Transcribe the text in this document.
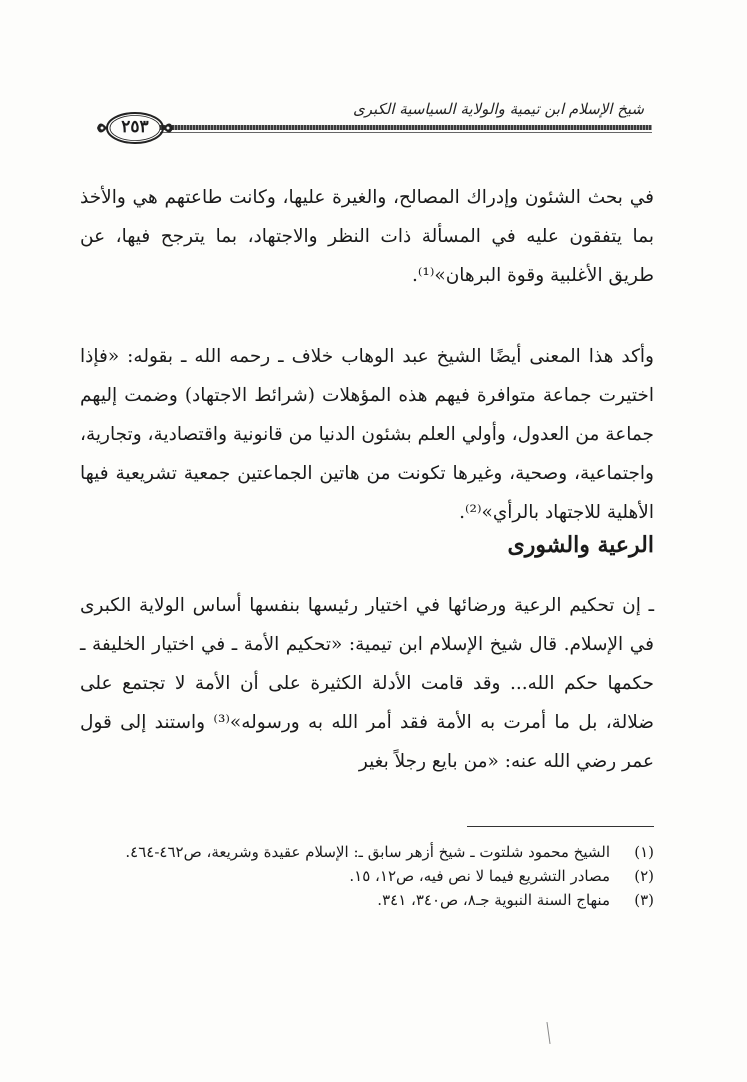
شيخ الإسلام ابن تيمية والولاية السياسية الكبرى
٢٥٣

في بحث الشئون وإدراك المصالح، والغيرة عليها، وكانت طاعتهم هي والأخذ بما يتفقون عليه في المسألة ذات النظر والاجتهاد، بما يترجح فيها، عن طريق الأغلبية وقوة البرهان»⁽¹⁾.

وأكد هذا المعنى أيضًا الشيخ عبد الوهاب خلاف ـ رحمه الله ـ بقوله: «فإذا اختيرت جماعة متوافرة فيهم هذه المؤهلات (شرائط الاجتهاد) وضمت إليهم جماعة من العدول، وأولي العلم بشئون الدنيا من قانونية واقتصادية، وتجارية، واجتماعية، وصحية، وغيرها تكونت من هاتين الجماعتين جمعية تشريعية فيها الأهلية للاجتهاد بالرأي»⁽²⁾.

الرعية والشورى

ـ إن تحكيم الرعية ورضائها في اختيار رئيسها بنفسها أساس الولاية الكبرى في الإسلام. قال شيخ الإسلام ابن تيمية: «تحكيم الأمة ـ في اختيار الخليفة ـ حكمها حكم الله... وقد قامت الأدلة الكثيرة على أن الأمة لا تجتمع على ضلالة، بل ما أمرت به الأمة فقد أمر الله به ورسوله»⁽³⁾ واستند إلى قول عمر رضي الله عنه: «من بايع رجلاً بغير

(١)
الشيخ محمود شلتوت ـ شيخ أزهر سابق ـ: الإسلام عقيدة وشريعة، ص٤٦٢-٤٦٤.
(٢)
مصادر التشريع فيما لا نص فيه، ص١٢، ١٥.
(٣)
منهاج السنة النبوية جـ٨، ص٣٤٠، ٣٤١.
